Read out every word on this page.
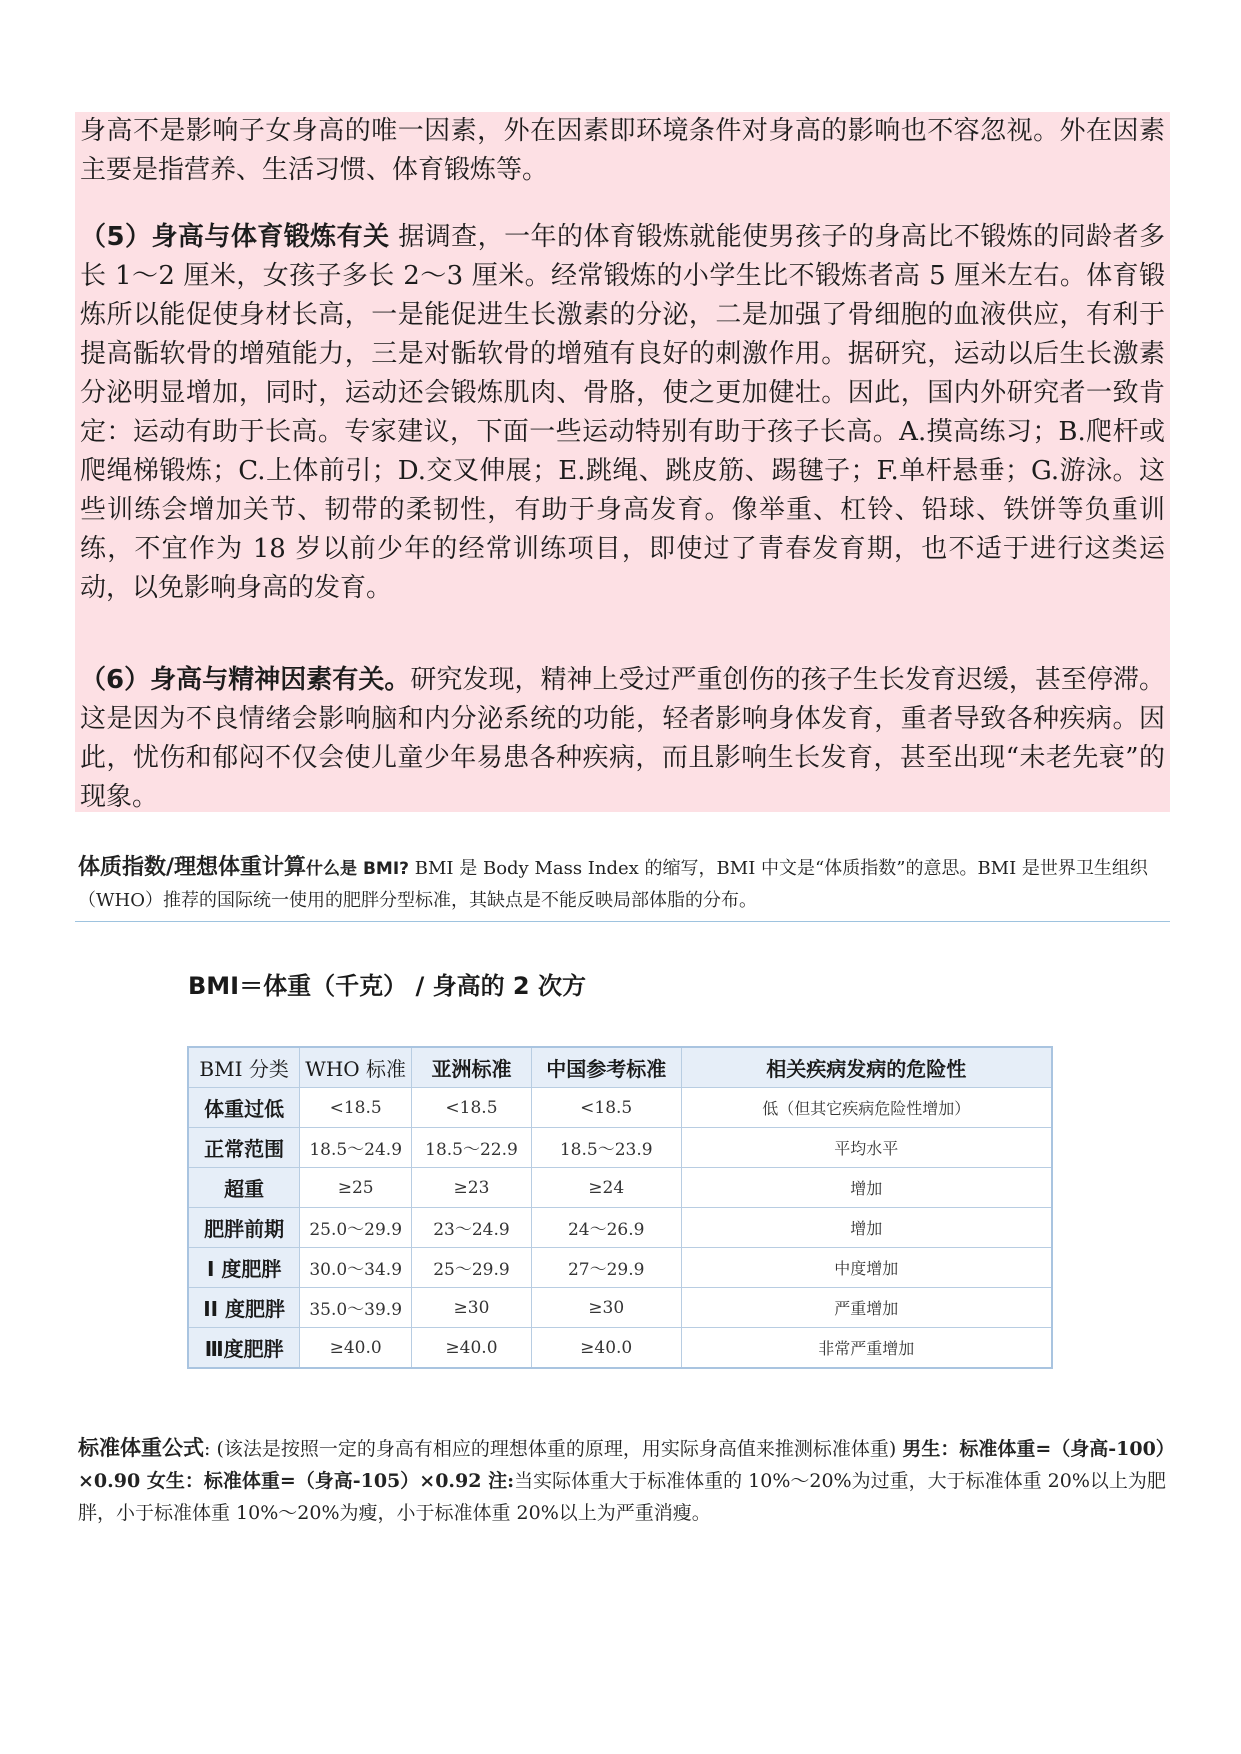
身高不是影响子女身高的唯一因素，外在因素即环境条件对身高的影响也不容忽视。外在因素主要是指营养、生活习惯、体育锻炼等。
（5）身高与体育锻炼有关 据调查，一年的体育锻炼就能使男孩子的身高比不锻炼的同龄者多长 1～2 厘米，女孩子多长 2～3 厘米。经常锻炼的小学生比不锻炼者高 5 厘米左右。体育锻炼所以能促使身材长高，一是能促进生长激素的分泌，二是加强了骨细胞的血液供应，有利于提高骺软骨的增殖能力，三是对骺软骨的增殖有良好的刺激作用。据研究，运动以后生长激素分泌明显增加，同时，运动还会锻炼肌肉、骨胳，使之更加健壮。因此，国内外研究者一致肯定：运动有助于长高。专家建议，下面一些运动特别有助于孩子长高。A.摸高练习；B.爬杆或爬绳梯锻炼；C.上体前引；D.交叉伸展；E.跳绳、跳皮筋、踢毽子；F.单杆悬垂；G.游泳。这些训练会增加关节、韧带的柔韧性，有助于身高发育。像举重、杠铃、铅球、铁饼等负重训练，不宜作为 18 岁以前少年的经常训练项目，即使过了青春发育期，也不适于进行这类运动，以免影响身高的发育。
（6）身高与精神因素有关。研究发现，精神上受过严重创伤的孩子生长发育迟缓，甚至停滞。这是因为不良情绪会影响脑和内分泌系统的功能，轻者影响身体发育，重者导致各种疾病。因此，忧伤和郁闷不仅会使儿童少年易患各种疾病，而且影响生长发育，甚至出现“未老先衰”的现象。
体质指数/理想体重计算什么是 BMI? BMI 是 Body Mass Index 的缩写，BMI 中文是“体质指数”的意思。BMI 是世界卫生组织（WHO）推荐的国际统一使用的肥胖分型标准，其缺点是不能反映局部体脂的分布。
BMI＝体重（千克） / 身高的 2 次方
BMI 分类	WHO 标准	亚洲标准	中国参考标准	相关疾病发病的危险性
体重过低	<18.5	<18.5	<18.5	低（但其它疾病危险性增加）
正常范围	18.5～24.9	18.5～22.9	18.5～23.9	平均水平
超重	≥25	≥23	≥24	增加
肥胖前期	25.0～29.9	23～24.9	24～26.9	增加
I 度肥胖	30.0～34.9	25～29.9	27～29.9	中度增加
II 度肥胖	35.0～39.9	≥30	≥30	严重增加
Ⅲ度肥胖	≥40.0	≥40.0	≥40.0	非常严重增加
标准体重公式: (该法是按照一定的身高有相应的理想体重的原理，用实际身高值来推测标准体重) 男生：标准体重=（身高-100）×0.90 女生：标准体重=（身高-105）×0.92 注:当实际体重大于标准体重的 10%～20%为过重，大于标准体重 20%以上为肥胖，小于标准体重 10%～20%为瘦，小于标准体重 20%以上为严重消瘦。
